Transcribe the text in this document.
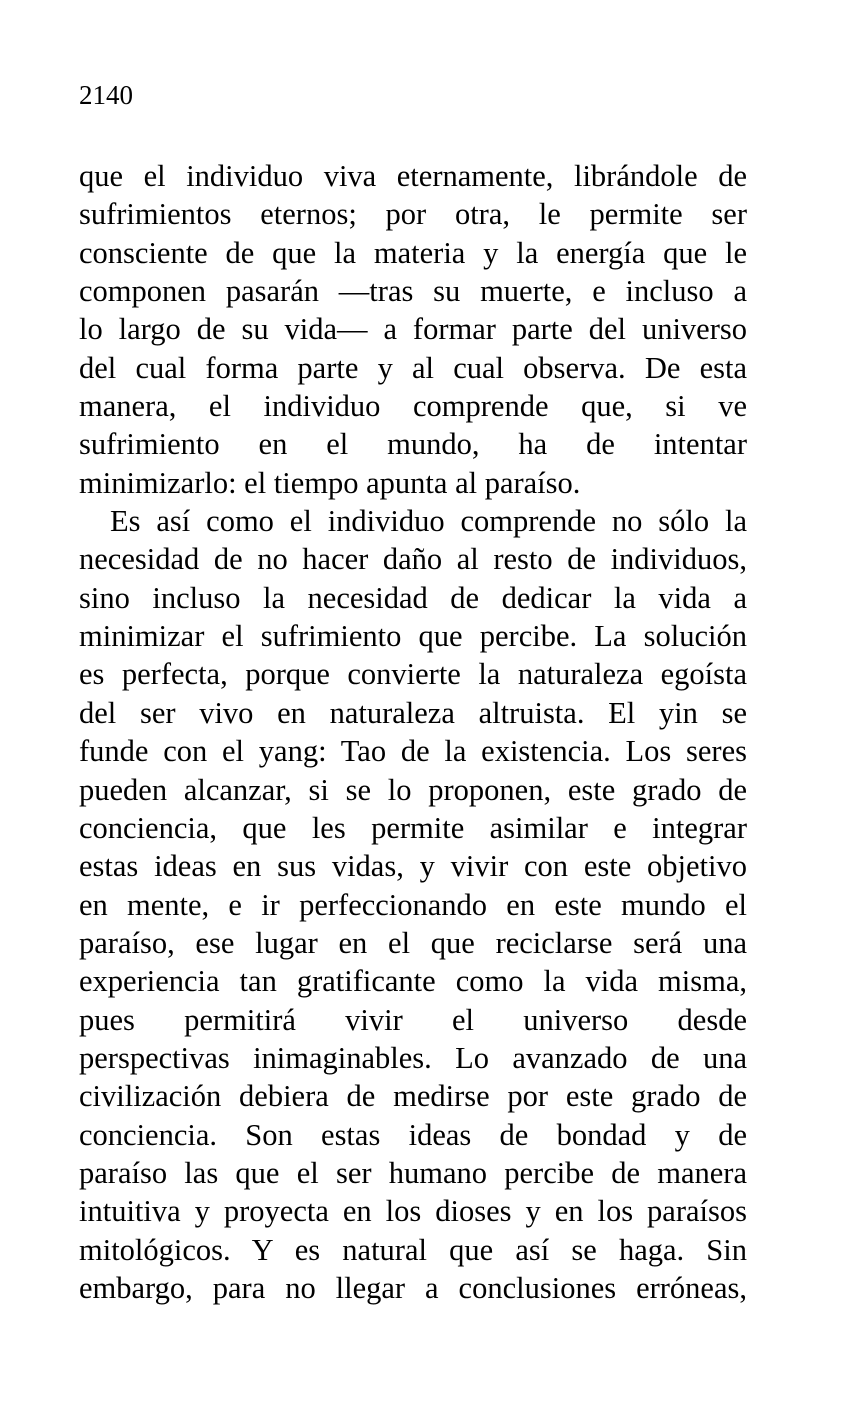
2140
que el individuo viva eternamente, librándole de
sufrimientos eternos; por otra, le permite ser
consciente de que la materia y la energía que le
componen pasarán —tras su muerte, e incluso a
lo largo de su vida— a formar parte del universo
del cual forma parte y al cual observa. De esta
manera, el individuo comprende que, si ve
sufrimiento en el mundo, ha de intentar
minimizarlo: el tiempo apunta al paraíso.
Es así como el individuo comprende no sólo la
necesidad de no hacer daño al resto de individuos,
sino incluso la necesidad de dedicar la vida a
minimizar el sufrimiento que percibe. La solución
es perfecta, porque convierte la naturaleza egoísta
del ser vivo en naturaleza altruista. El yin se
funde con el yang: Tao de la existencia. Los seres
pueden alcanzar, si se lo proponen, este grado de
conciencia, que les permite asimilar e integrar
estas ideas en sus vidas, y vivir con este objetivo
en mente, e ir perfeccionando en este mundo el
paraíso, ese lugar en el que reciclarse será una
experiencia tan gratificante como la vida misma,
pues permitirá vivir el universo desde
perspectivas inimaginables. Lo avanzado de una
civilización debiera de medirse por este grado de
conciencia. Son estas ideas de bondad y de
paraíso las que el ser humano percibe de manera
intuitiva y proyecta en los dioses y en los paraísos
mitológicos. Y es natural que así se haga. Sin
embargo, para no llegar a conclusiones erróneas,
